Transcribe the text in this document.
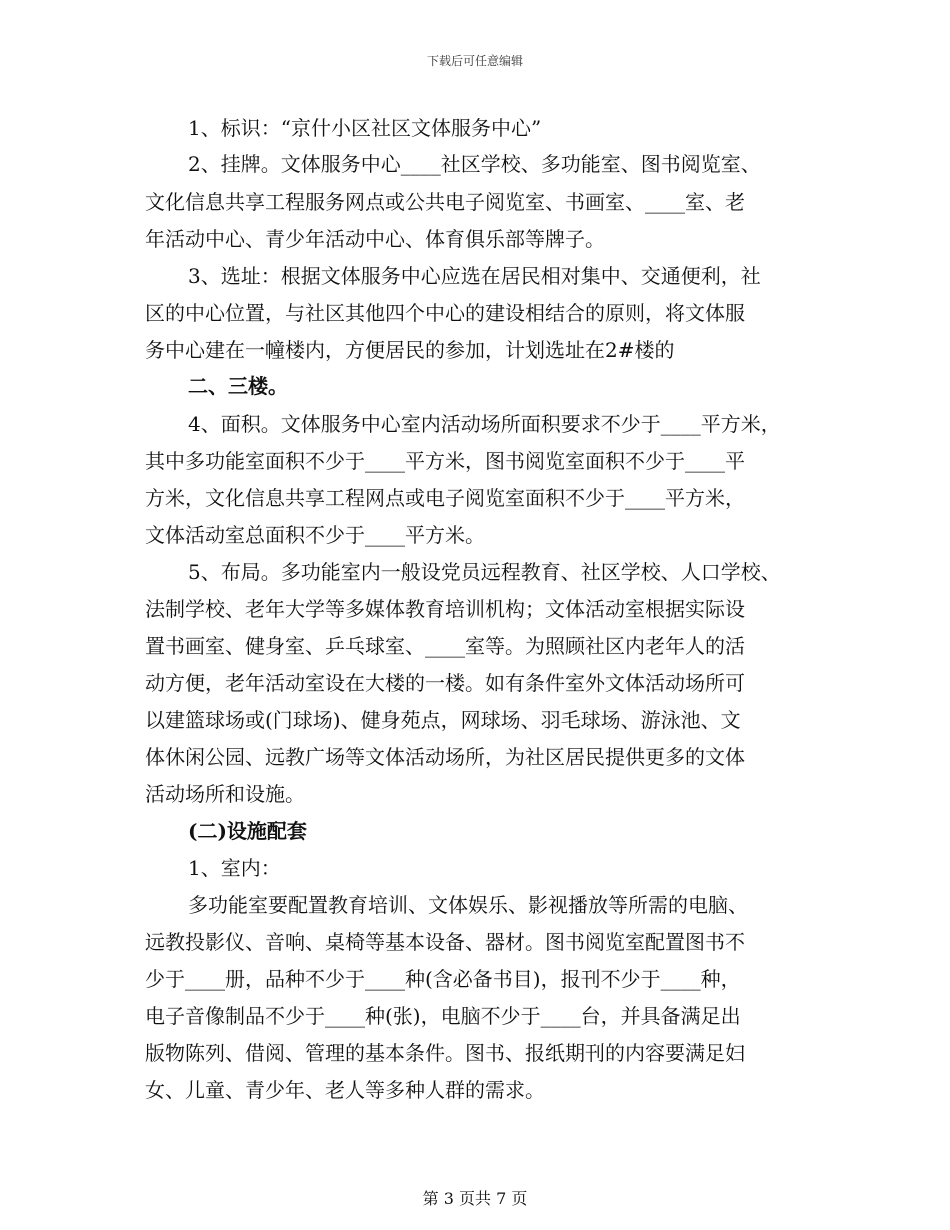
下载后可任意编辑
1、标识：“京什小区社区文体服务中心”
2、挂牌。文体服务中心____社区学校、多功能室、图书阅览室、
文化信息共享工程服务网点或公共电子阅览室、书画室、____室、老
年活动中心、青少年活动中心、体育俱乐部等牌子。
3、选址：根据文体服务中心应选在居民相对集中、交通便利，社
区的中心位置，与社区其他四个中心的建设相结合的原则，将文体服
务中心建在一幢楼内，方便居民的参加，计划选址在2#楼的
二、三楼。
4、面积。文体服务中心室内活动场所面积要求不少于____平方米，
其中多功能室面积不少于____平方米，图书阅览室面积不少于____平
方米，文化信息共享工程网点或电子阅览室面积不少于____平方米，
文体活动室总面积不少于____平方米。
5、布局。多功能室内一般设党员远程教育、社区学校、人口学校、
法制学校、老年大学等多媒体教育培训机构；文体活动室根据实际设
置书画室、健身室、乒乓球室、____室等。为照顾社区内老年人的活
动方便，老年活动室设在大楼的一楼。如有条件室外文体活动场所可
以建篮球场或(门球场)、健身苑点，网球场、羽毛球场、游泳池、文
体休闲公园、远教广场等文体活动场所，为社区居民提供更多的文体
活动场所和设施。
(二)设施配套
1、室内：
多功能室要配置教育培训、文体娱乐、影视播放等所需的电脑、
远教投影仪、音响、桌椅等基本设备、器材。图书阅览室配置图书不
少于____册，品种不少于____种(含必备书目)，报刊不少于____种，
电子音像制品不少于____种(张)，电脑不少于____台，并具备满足出
版物陈列、借阅、管理的基本条件。图书、报纸期刊的内容要满足妇
女、儿童、青少年、老人等多种人群的需求。
第 3 页共 7 页
